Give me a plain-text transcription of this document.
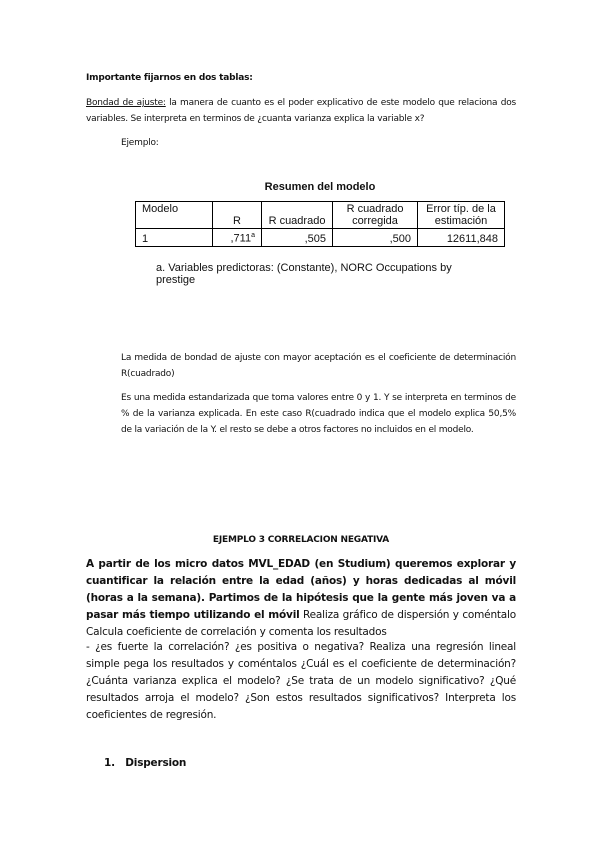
Importante fijarnos en dos tablas:
Bondad de ajuste: la manera de cuanto es el poder explicativo de este modelo que relaciona dos variables. Se interpreta en terminos de ¿cuanta varianza explica la variable x?
Ejemplo:
Resumen del modelo
Modelo	R	R cuadrado	R cuadrado corregida	Error típ. de la estimación
1	,711$^a$	,505	,500	12611,848
a. Variables predictoras: (Constante), NORC Occupations by prestige
La medida de bondad de ajuste con mayor aceptación es el coeficiente de determinación R(cuadrado)
Es una medida estandarizada que toma valores entre 0 y 1. Y se interpreta en terminos de % de la varianza explicada. En este caso R(cuadrado indica que el modelo explica 50,5% de la variación de la Y. el resto se debe a otros factores no incluidos en el modelo.
EJEMPLO 3 CORRELACION NEGATIVA
A partir de los micro datos MVL_EDAD (en Studium) queremos explorar y cuantificar la relación entre la edad (años) y horas dedicadas al móvil (horas a la semana). Partimos de la hipótesis que la gente más joven va a pasar más tiempo utilizando el móvil Realiza gráfico de dispersión y coméntalo Calcula coeficiente de correlación y comenta los resultados
- ¿es fuerte la correlación? ¿es positiva o negativa? Realiza una regresión lineal simple pega los resultados y coméntalos ¿Cuál es el coeficiente de determinación? ¿Cuánta varianza explica el modelo? ¿Se trata de un modelo significativo? ¿Qué resultados arroja el modelo? ¿Son estos resultados significativos? Interpreta los coeficientes de regresión.
1. Dispersion
